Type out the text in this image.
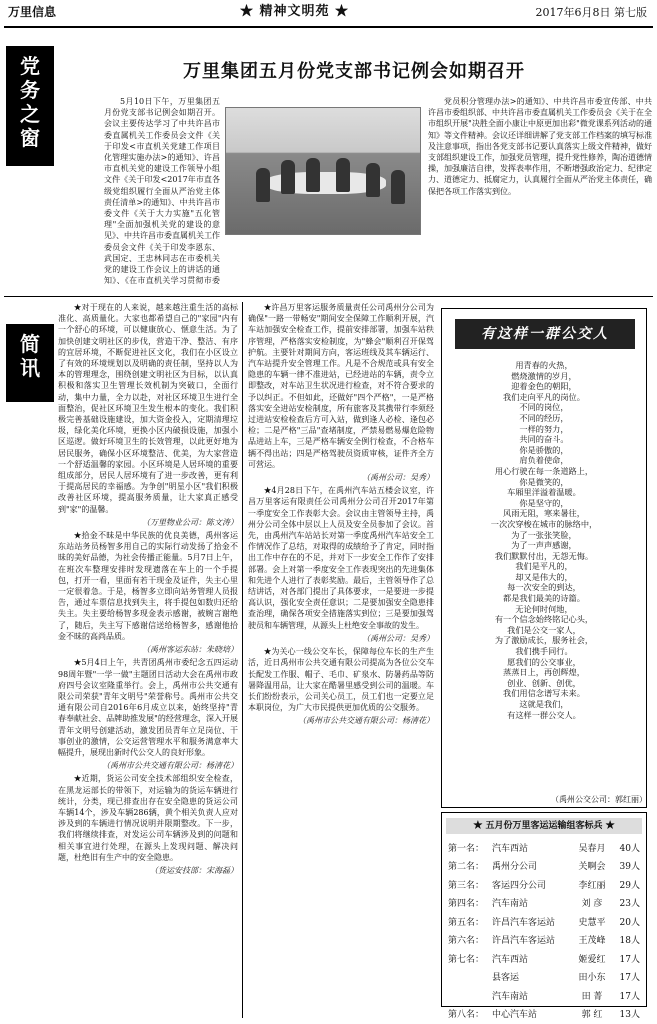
万里信息	★ 精神文明苑 ★	2017年6月8日 第七版
党
务
之
窗
万里集团五月份党支部书记例会如期召开

5月10日下午，万里集团五月份党支部书记例会如期召开。会议主要传达学习了中共许昌市委直属机关工作委员会文件《关于印发<市直机关党建工作项目化管理实施办法>的通知》、许昌市直机关党的建设工作领导小组文件《关于印发<2017年市直各级党组织履行全面从严治党主体责任清单>的通知》、中共许昌市委文件《关于大力实施"五化管理"全面加强机关党的建设的意见》、中共许昌市委直属机关工作委员会文件《关于印发李恩东、武国定、王忠林同志在市委机关党的建设工作会议上的讲话的通知》、《在市直机关学习贯彻市委

党员积分管理办法>的通知》、中共许昌市委宣传部、中共许昌市委组织部、中共许昌市委直属机关工作委员会《关于在全市组织开展"决胜全面小康让中原更加出彩"微党课系列活动的通知》等文件精神。会议还详细讲解了党支部工作档案的填写标准及注意事项，指出各党支部书记要认真落实上级文件精神，做好支部组织建设工作，加强党员管理，提升党性修养，陶冶道德情操，加强廉洁自律，发挥表率作用，不断增强政治定力、纪律定力、道德定力、抵腐定力，认真履行全面从严治党主体责任，确保把各项工作落实到位。

简
讯

★对于现在的人来说，越来越注重生活的高标准化、高质量化。大家也都希望自己的"家园"内有一个舒心的环境，可以健康放心、惬意生活。为了加快创建文明社区的步伐，营造干净、整洁、有序的宜居环境，不断促进社区文化，我们在小区设立了有效的环境规划以及明确的责任制，坚持以人为本的管理理念，围绕创建文明社区为目标，以认真积极和落实卫生管理长效机制为突破口，全面行动，集中力量，全力以赴，对社区环境卫生进行全面整治，促社区环境卫生发生根本的变化。我们积极完善基础设施建设，加大资金投入，定期清理垃圾，绿化美化环境，更换小区内破损设施，加强小区巡逻。做好环境卫生的长效管理，以此更好地为居民服务，确保小区环境整洁、优美，为大家营造一个舒适温馨的家园。小区环境是人居环境的重要组成部分，居民人居环境有了进一步改善，更有利于提高居民的幸福感。为争创"明星小区"我们积极改善社区环境，提高服务质量，让大家真正感受到"家"的温馨。

（万里物业公司：陈文涛）

★拾金不昧是中华民族的优良美德，禹州客运东站站务员杨智多用自己的实际行动发扬了拾金不昧的美好品德，为社会传播正能量。5月7日上午，在班次车整理安排时发现遗落在车上的一个手提包，打开一看，里面有若干现金及证件，失主心里一定很着急。于是，杨智多立即向站务管理人员报告，通过车票信息找到失主，将手提包如数归还给失主。失主要给杨智多现金表示感谢，被婉言谢绝了，随后，失主写下感谢信送给杨智多，感谢他拾金不昧的高尚品质。

（禹州客运东站：朱晓培）

★5月4日上午，共青团禹州市委纪念五四运动98周年暨"一学一做"主题团日活动大会在禹州市政府四号会议室隆重举行。会上，禹州市公共交通有限公司荣获"青年文明号"荣誉称号。禹州市公共交通有限公司自2016年6月成立以来，始终坚持"青春奉献社会、品牌助推发展"的经营理念，深入开展青年文明号创建活动，激发团员青年立足岗位、干事创业的激情，公交运营管理水平和服务满意率大幅提升，展现出新时代公交人的良好形象。

（禹州市公共交通有限公司：杨清花）

★近期，货运公司安全技术部组织安全检查，在黑龙运部长的带领下，对运输为的货运车辆进行统计，分类，现已排查出存在安全隐患的货运公司车辆14个，涉及车辆286辆，黄个相关负责人应对涉及到的车辆进行情况说明并限期整改。下一步，我们将继续排查，对发运公司车辆涉及到的问题和相关事宜进行处理，在源头上发现问题、解决问题，杜绝旧有生产中的安全隐患。

（货运安技部：宋海磊）

★许昌万里客运服务质量责任公司禹州分公司为确保"一路一带畅安"期间安全保障工作顺利开展，汽车站加强安全检查工作，提前安排部署，加强车站秩序管理，严格落实安检制度，为"蜂会"顺利召开保驾护航。主要针对期间方向，客运班线及其车辆运行、汽车站提升安全管理工作。凡是不合规范或具有安全隐患的车辆一律不准进站，已经进站的车辆，责令立即整改，对车站卫生状况进行检查，对不符合要求的予以纠正。不但如此，还做好"四个严格"，一是严格落实安全进站安检制度，所有旅客及其携带行李须经过进站安检检查后方可入站，做到逢人必检、逢包必检；二是严格"三品"查堵制度，严禁易燃易爆危险物品进站上车，三是严格车辆安全例行检查，不合格车辆不得出站；四是严格驾驶员资质审核，证件齐全方可营运。

（禹州公司：吴秀）

★4月28日下午，在禹州汽车站五楼会议室，许昌万里客运有限责任公司禹州分公司召开2017年第一季度安全工作表彰大会。会议由主管领导主持，禹州分公司全体中层以上人员及安全员参加了会议。首先，由禹州汽车站站长对第一季度禹州汽车站安全工作情况作了总结，对取得的成绩给予了肯定，同时指出工作中存在的不足，并对下一步安全工作作了安排部署。会上对第一季度安全工作表现突出的先进集体和先进个人进行了表彰奖励。最后，主管领导作了总结讲话，对各部门提出了具体要求，一是要进一步提高认识，强化安全责任意识；二是要加强安全隐患排查治理，确保各项安全措施落实到位；三是要加强驾驶员和车辆管理，从源头上杜绝安全事故的发生。

（禹州公司：吴秀）

★为关心一线公交车长，保障每位车长的生产生活，近日禹州市公共交通有限公司提高为各位公交车长配发工作服、帽子、毛巾、矿泉水、防暑药品等防暑降温用品，让大家在酷暑里感受到公司的温暖。车长们纷纷表示，公司关心员工，员工们也一定要立足本职岗位，为广大市民提供更加优质的公交服务。

（禹州市公共交通有限公司：杨清花）

有这样一群公交人
用青春的火热，
燃烧激情的岁月，
迎着金色的朝阳，
我们走向平凡的岗位。
不同的岗位，
不同的经历，
一样的努力，
共同的奋斗。
你是骄傲的，
肩负着使命，
用心行驶在每一条道路上，
你是微笑的，
车厢里洋溢着温暖。
你是坚守的，
风雨无阻，寒来暑往，
一次次穿梭在城市的脉络中，
为了一张张笑脸，
为了一声声感谢，
我们默默付出，无怨无悔。
我们是平凡的，
却又是伟大的，
每一次安全的到达，
都是我们最美的诗篇。
无论何时何地，
有一个信念始终铭记心头，
我们是公交一家人，
为了激励成长，服务社会，
我们携手同行。
愿我们的公交事业，
蒸蒸日上，再创辉煌，
创业、创新、创优，
我们用信念谱写未来。
这就是我们，
有这样一群公交人。
（禹州公交公司：郭红丽）
★ 五月份万里客运运输组客标兵 ★
第一名：	汽车西站	吴春月	40人
第二名：	禹州分公司	关啊会	39人
第三名：	客运四分公司	李红丽	29人
第四名：	汽车南站	刘 彦	23人
第五名：	许昌汽车客运站	史慧平	20人
第六名：	许昌汽车客运站	王茂峰	18人
第七名：	汽车西站	姬爱红	17人
	县客运	田小东	17人
	汽车南站	田 菁	17人
第八名：	中心汽车站	郭 红	13人
